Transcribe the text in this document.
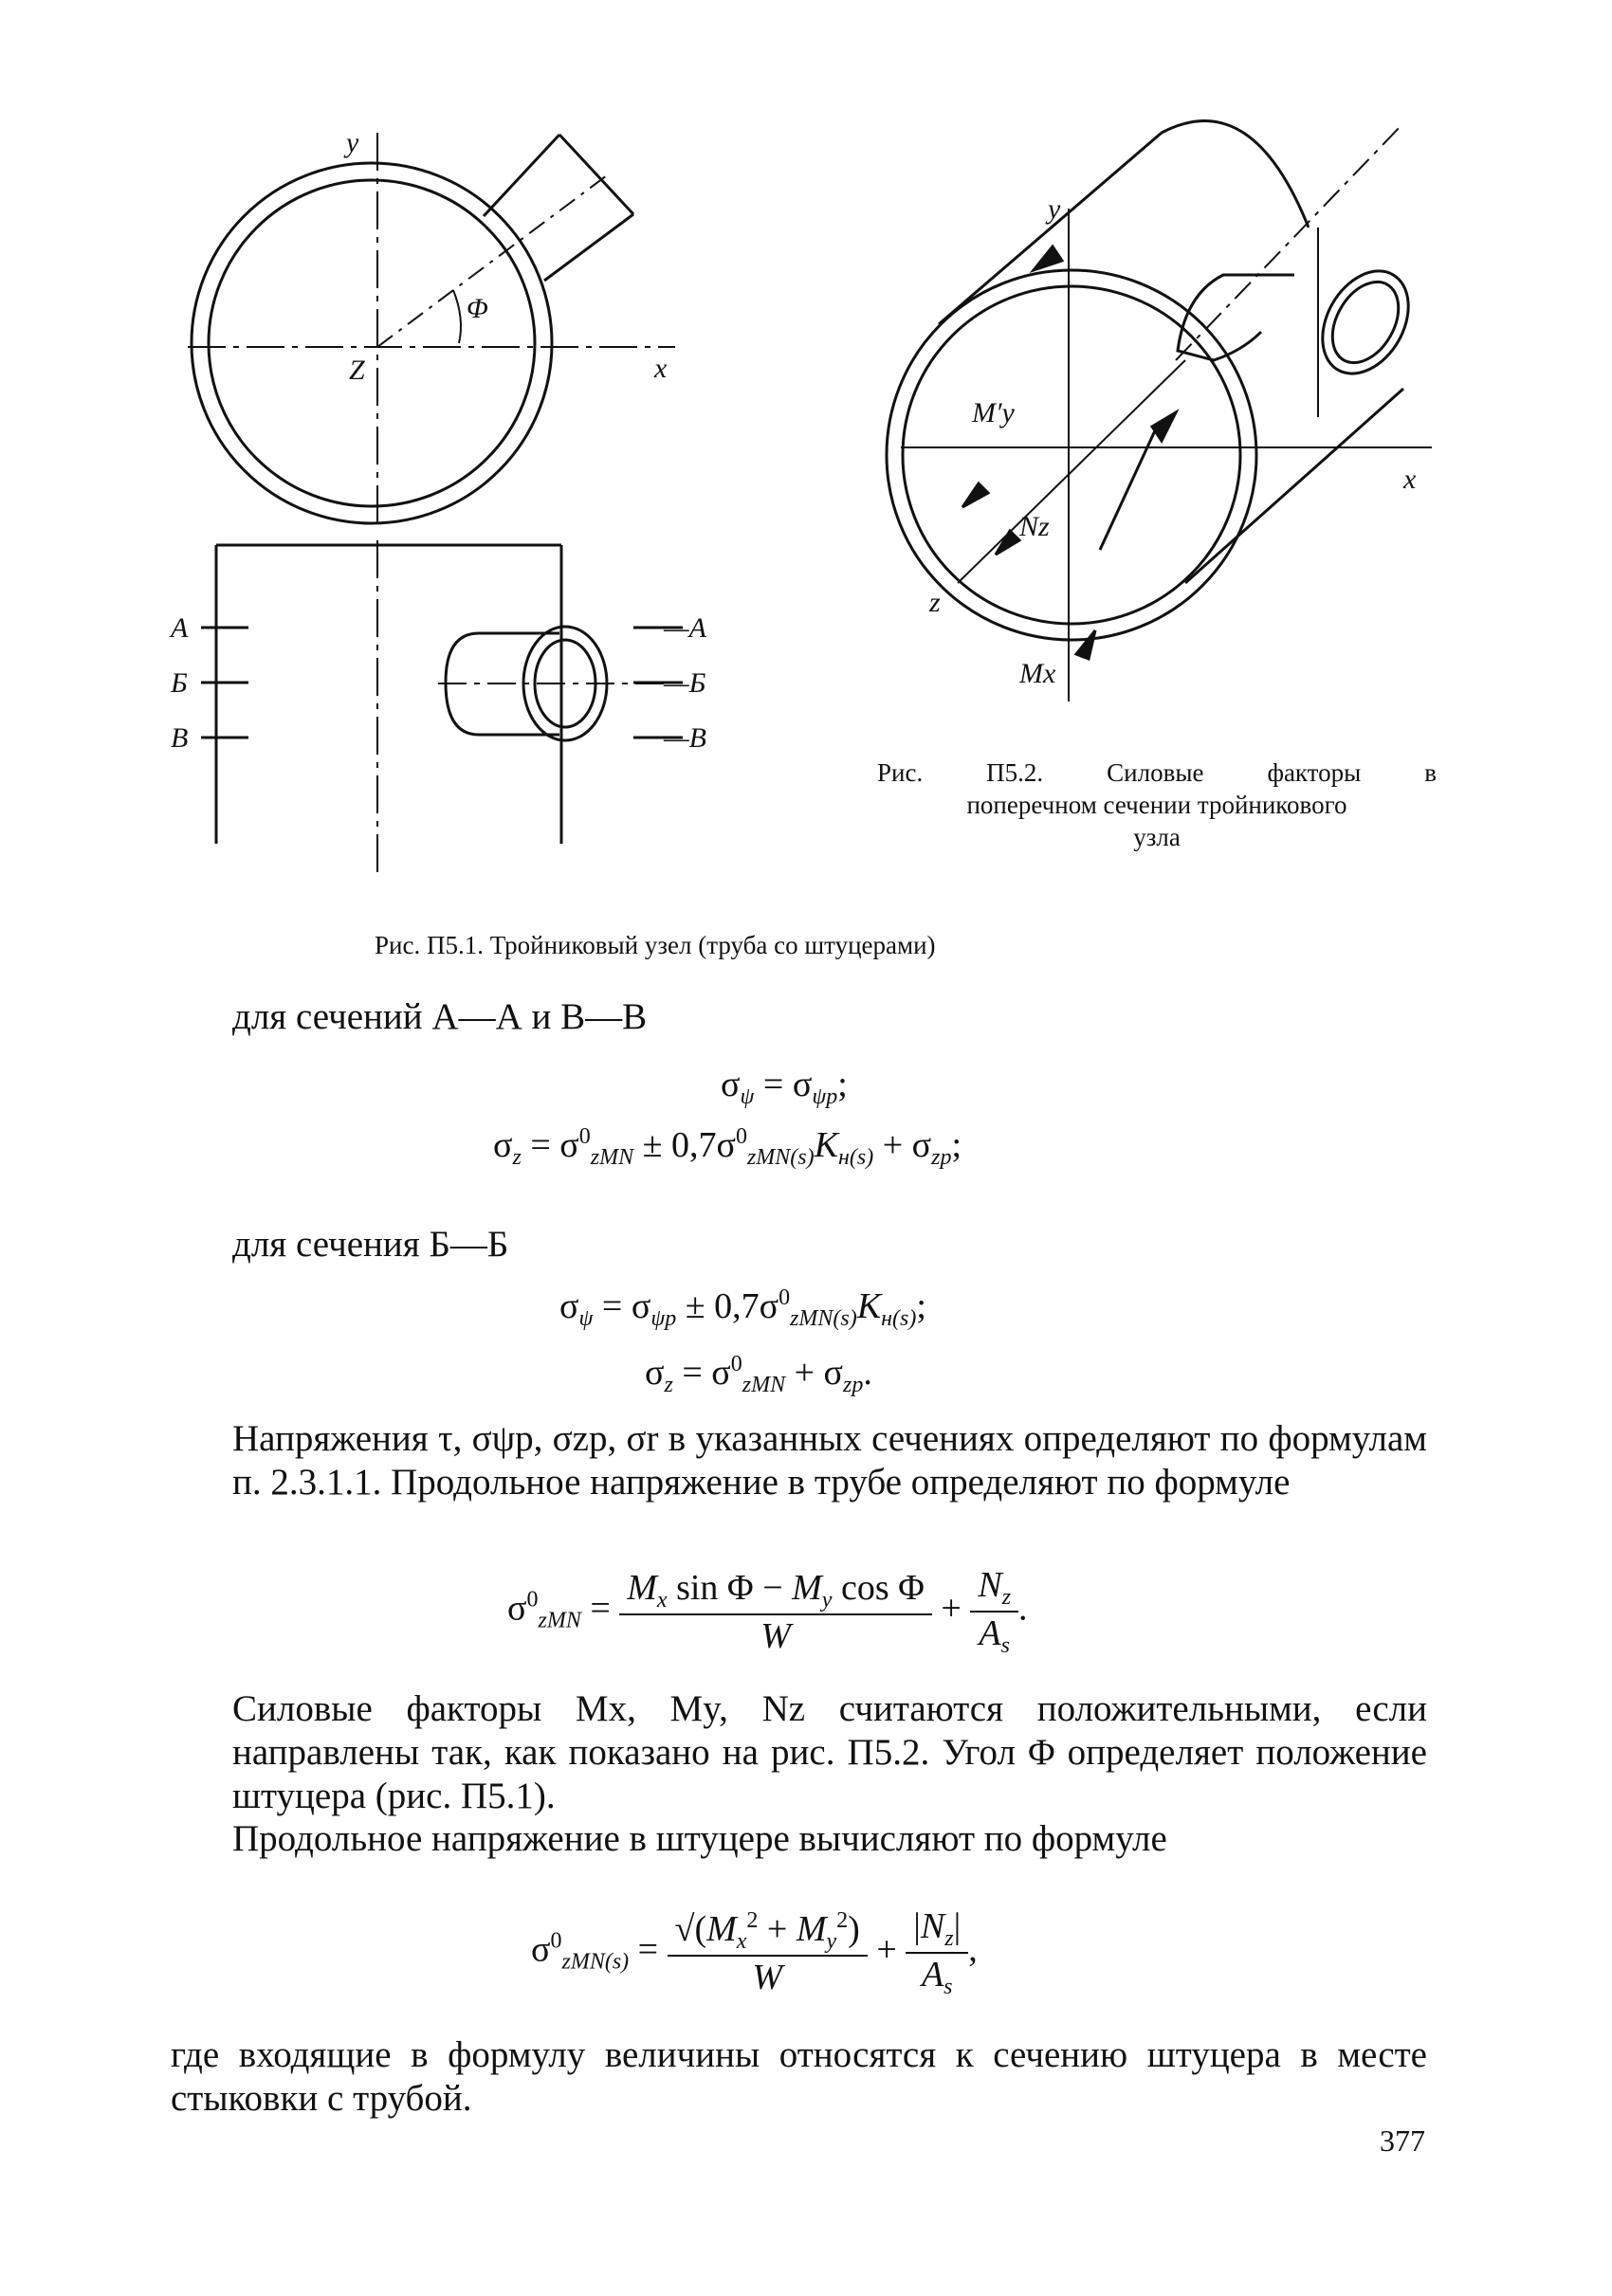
y
x
Z
Φ
А
Б
В
—А
—Б
—В
y
x
z
M′y
Nz
Mx
Рис. П5.2. Силовые факторы в
поперечном сечении тройникового
узла
Рис. П5.1. Тройниковый узел (труба со штуцерами)
для сечений А—А и В—В
$\sigma_\psi = \sigma_{\psi p}$;
$\sigma_z = \sigma^0_{zMN} \pm 0,7\sigma^0_{zMN(s)}K_{н(s)} + \sigma_{zp}$;
для сечения Б—Б
$\sigma_\psi = \sigma_{\psi p} \pm 0,7\sigma^0_{zMN(s)}K_{н(s)}$;
$\sigma_z = \sigma^0_{zMN} + \sigma_{zp}$.
Напряжения τ, σψp, σzp, σr в указанных сечениях определяют по формулам п. 2.3.1.1. Продольное напряжение в трубе определяют по формуле
$\sigma^0_{zMN} = \frac{M_x \sin \Phi - M_y \cos \Phi}{W} + \frac{N_z}{A_s}$ .
Силовые факторы Mx, My, Nz считаются положительными, если направлены так, как показано на рис. П5.2. Угол Φ определяет положение штуцера (рис. П5.1).
Продольное напряжение в штуцере вычисляют по формуле
$\sigma^0_{zMN(s)} = \frac{√(M_x^2 + M_y^2)}{W} + \frac{|N_z|}{A_s}$ ,
где входящие в формулу величины относятся к сечению штуцера в месте стыковки с трубой.
377
